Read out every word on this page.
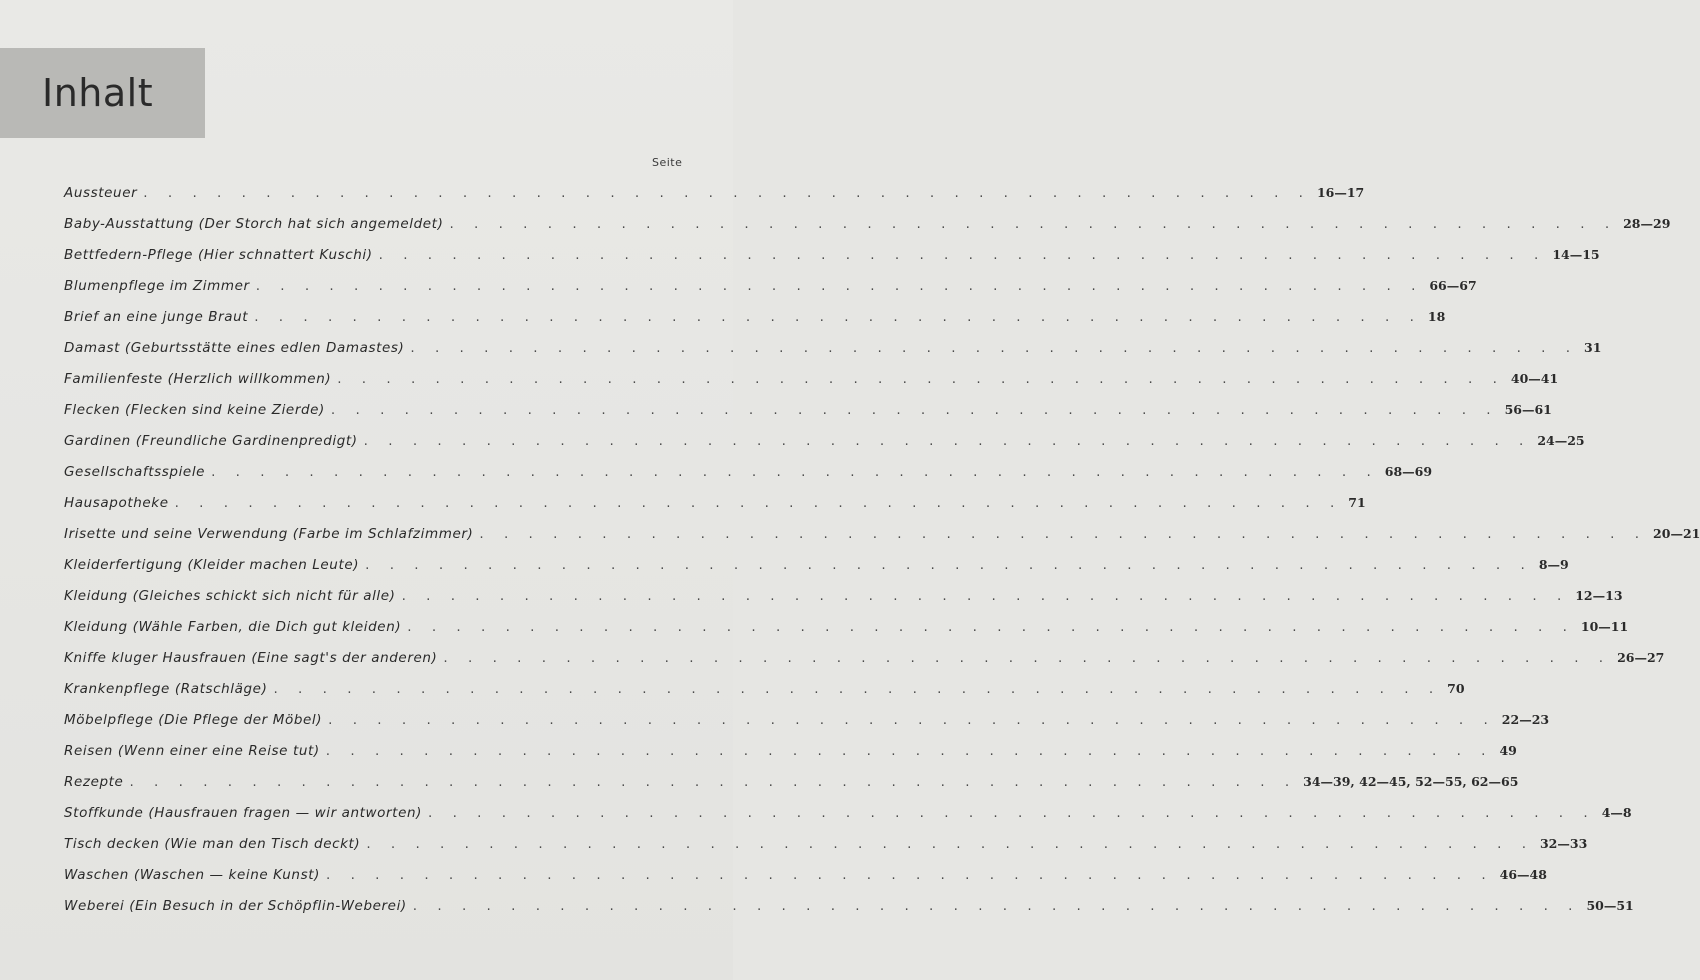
Inhalt
Seite
Aussteuer . . . . . . . . . . . . . . . . . . . . . . . . . . . . . . . . . . . . . . . . . . . . . . . . 16—17
Baby-Ausstattung (Der Storch hat sich angemeldet) . . . . . . . . . . . . . . . . . . . . . . . . . . . . . . . . . . . . . . . . . . . . . . . . 28—29
Bettfedern-Pflege (Hier schnattert Kuschi) . . . . . . . . . . . . . . . . . . . . . . . . . . . . . . . . . . . . . . . . . . . . . . . . 14—15
Blumenpflege im Zimmer . . . . . . . . . . . . . . . . . . . . . . . . . . . . . . . . . . . . . . . . . . . . . . . . 66—67
Brief an eine junge Braut . . . . . . . . . . . . . . . . . . . . . . . . . . . . . . . . . . . . . . . . . . . . . . . . 18
Damast (Geburtsstätte eines edlen Damastes) . . . . . . . . . . . . . . . . . . . . . . . . . . . . . . . . . . . . . . . . . . . . . . . . 31
Familienfeste (Herzlich willkommen) . . . . . . . . . . . . . . . . . . . . . . . . . . . . . . . . . . . . . . . . . . . . . . . . 40—41
Flecken (Flecken sind keine Zierde) . . . . . . . . . . . . . . . . . . . . . . . . . . . . . . . . . . . . . . . . . . . . . . . . 56—61
Gardinen (Freundliche Gardinenpredigt) . . . . . . . . . . . . . . . . . . . . . . . . . . . . . . . . . . . . . . . . . . . . . . . . 24—25
Gesellschaftsspiele . . . . . . . . . . . . . . . . . . . . . . . . . . . . . . . . . . . . . . . . . . . . . . . . 68—69
Hausapotheke . . . . . . . . . . . . . . . . . . . . . . . . . . . . . . . . . . . . . . . . . . . . . . . . 71
Irisette und seine Verwendung (Farbe im Schlafzimmer) . . . . . . . . . . . . . . . . . . . . . . . . . . . . . . . . . . . . . . . . . . . . . . . . 20—21
Kleiderfertigung (Kleider machen Leute) . . . . . . . . . . . . . . . . . . . . . . . . . . . . . . . . . . . . . . . . . . . . . . . . 8—9
Kleidung (Gleiches schickt sich nicht für alle) . . . . . . . . . . . . . . . . . . . . . . . . . . . . . . . . . . . . . . . . . . . . . . . . 12—13
Kleidung (Wähle Farben, die Dich gut kleiden) . . . . . . . . . . . . . . . . . . . . . . . . . . . . . . . . . . . . . . . . . . . . . . . . 10—11
Kniffe kluger Hausfrauen (Eine sagt's der anderen) . . . . . . . . . . . . . . . . . . . . . . . . . . . . . . . . . . . . . . . . . . . . . . . . 26—27
Krankenpflege (Ratschläge) . . . . . . . . . . . . . . . . . . . . . . . . . . . . . . . . . . . . . . . . . . . . . . . . 70
Möbelpflege (Die Pflege der Möbel) . . . . . . . . . . . . . . . . . . . . . . . . . . . . . . . . . . . . . . . . . . . . . . . . 22—23
Reisen (Wenn einer eine Reise tut) . . . . . . . . . . . . . . . . . . . . . . . . . . . . . . . . . . . . . . . . . . . . . . . . 49
Rezepte . . . . . . . . . . . . . . . . . . . . . . . . . . . . . . . . . . . . . . . . . . . . . . . . 34—39, 42—45, 52—55, 62—65
Stoffkunde (Hausfrauen fragen — wir antworten) . . . . . . . . . . . . . . . . . . . . . . . . . . . . . . . . . . . . . . . . . . . . . . . . 4—8
Tisch decken (Wie man den Tisch deckt) . . . . . . . . . . . . . . . . . . . . . . . . . . . . . . . . . . . . . . . . . . . . . . . . 32—33
Waschen (Waschen — keine Kunst) . . . . . . . . . . . . . . . . . . . . . . . . . . . . . . . . . . . . . . . . . . . . . . . . 46—48
Weberei (Ein Besuch in der Schöpflin-Weberei) . . . . . . . . . . . . . . . . . . . . . . . . . . . . . . . . . . . . . . . . . . . . . . . . 50—51
